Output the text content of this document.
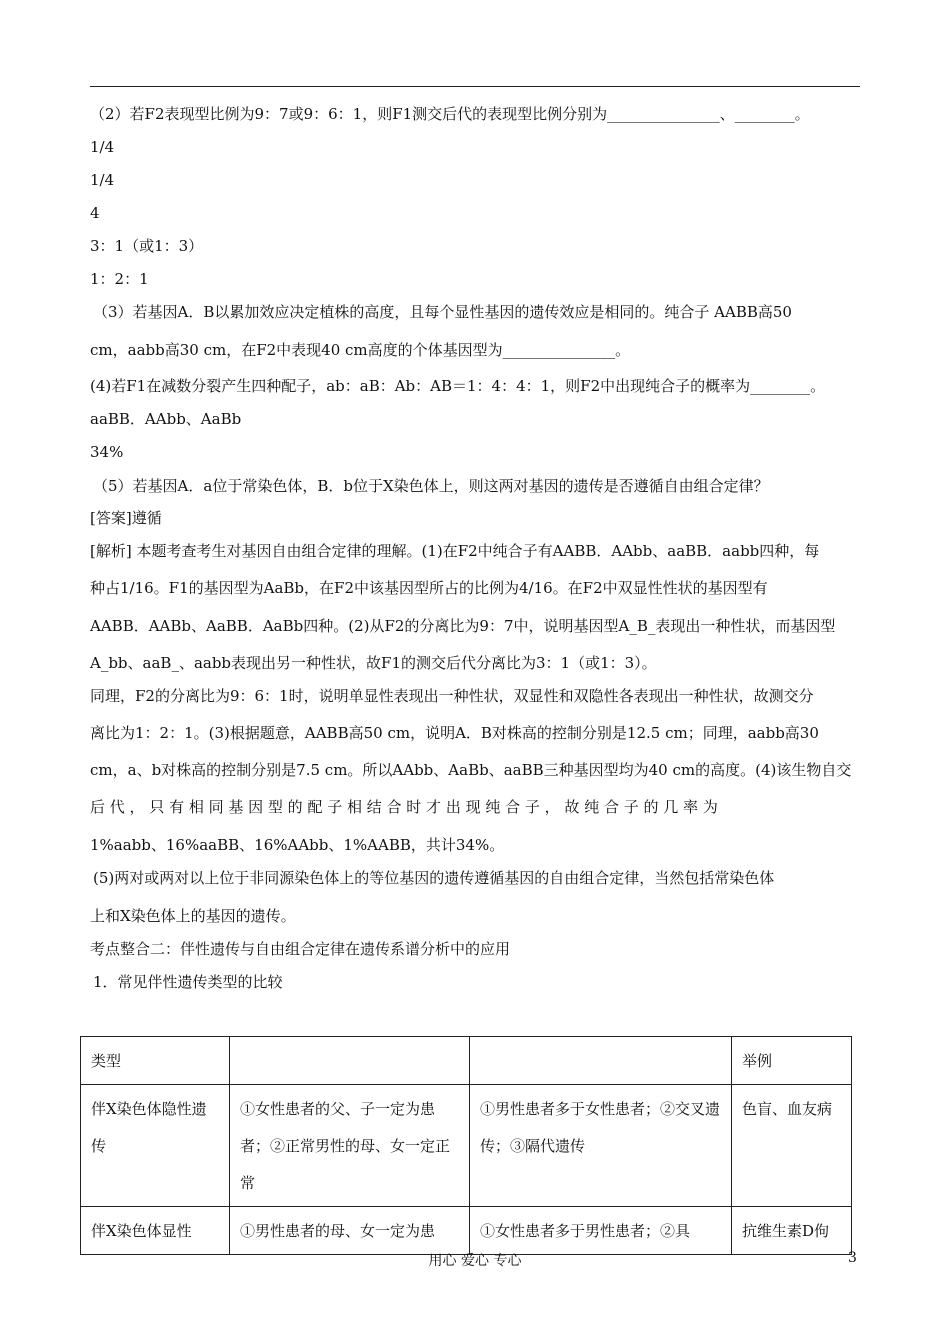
（2）若F2表现型比例为9：7或9：6：1，则F1测交后代的表现型比例分别为_______________、________。
1/4
1/4
4
3：1（或1：3）
1：2：1
（3）若基因A．B以累加效应决定植株的高度，且每个显性基因的遗传效应是相同的。纯合子 AABB高50
cm，aabb高30 cm，在F2中表现40 cm高度的个体基因型为_______________。
(4)若F1在减数分裂产生四种配子，ab：aB：Ab：AB＝1：4：4：1，则F2中出现纯合子的概率为________。
aaBB．AAbb、AaBb
34%
（5）若基因A．a位于常染色体，B．b位于X染色体上，则这两对基因的遗传是否遵循自由组合定律？
[答案]遵循
[解析] 本题考查考生对基因自由组合定律的理解。(1)在F2中纯合子有AABB．AAbb、aaBB．aabb四种，每
种占1/16。F1的基因型为AaBb，在F2中该基因型所占的比例为4/16。在F2中双显性性状的基因型有
AABB．AABb、AaBB．AaBb四种。(2)从F2的分离比为9：7中，说明基因型A_B_表现出一种性状，而基因型
A_bb、aaB_、aabb表现出另一种性状，故F1的测交后代分离比为3：1（或1：3）。
同理，F2的分离比为9：6：1时，说明单显性表现出一种性状，双显性和双隐性各表现出一种性状，故测交分
离比为1：2：1。(3)根据题意，AABB高50 cm，说明A．B对株高的控制分别是12.5 cm；同理，aabb高30
cm，a、b对株高的控制分别是7.5 cm。所以AAbb、AaBb、aaBB三种基因型均为40 cm的高度。(4)该生物自交
后 代 ， 只 有 相 同 基 因 型 的 配 子 相 结 合 时 才 出 现 纯 合 子 ， 故 纯 合 子 的 几 率 为
1%aabb、16%aaBB、16%AAbb、1%AABB，共计34%。
(5)两对或两对以上位于非同源染色体上的等位基因的遗传遵循基因的自由组合定律，当然包括常染色体
上和X染色体上的基因的遗传。
考点整合二：伴性遗传与自由组合定律在遗传系谱分析中的应用
1．常见伴性遗传类型的比较
类型			举例
伴X染色体隐性遗传	①女性患者的父、子一定为患者；②正常男性的母、女一定正常	①男性患者多于女性患者；②交叉遗传；③隔代遗传	色盲、血友病
伴X染色体显性	①男性患者的母、女一定为患	①女性患者多于男性患者；②具	抗维生素D佝
用心 爱心 专心	3
